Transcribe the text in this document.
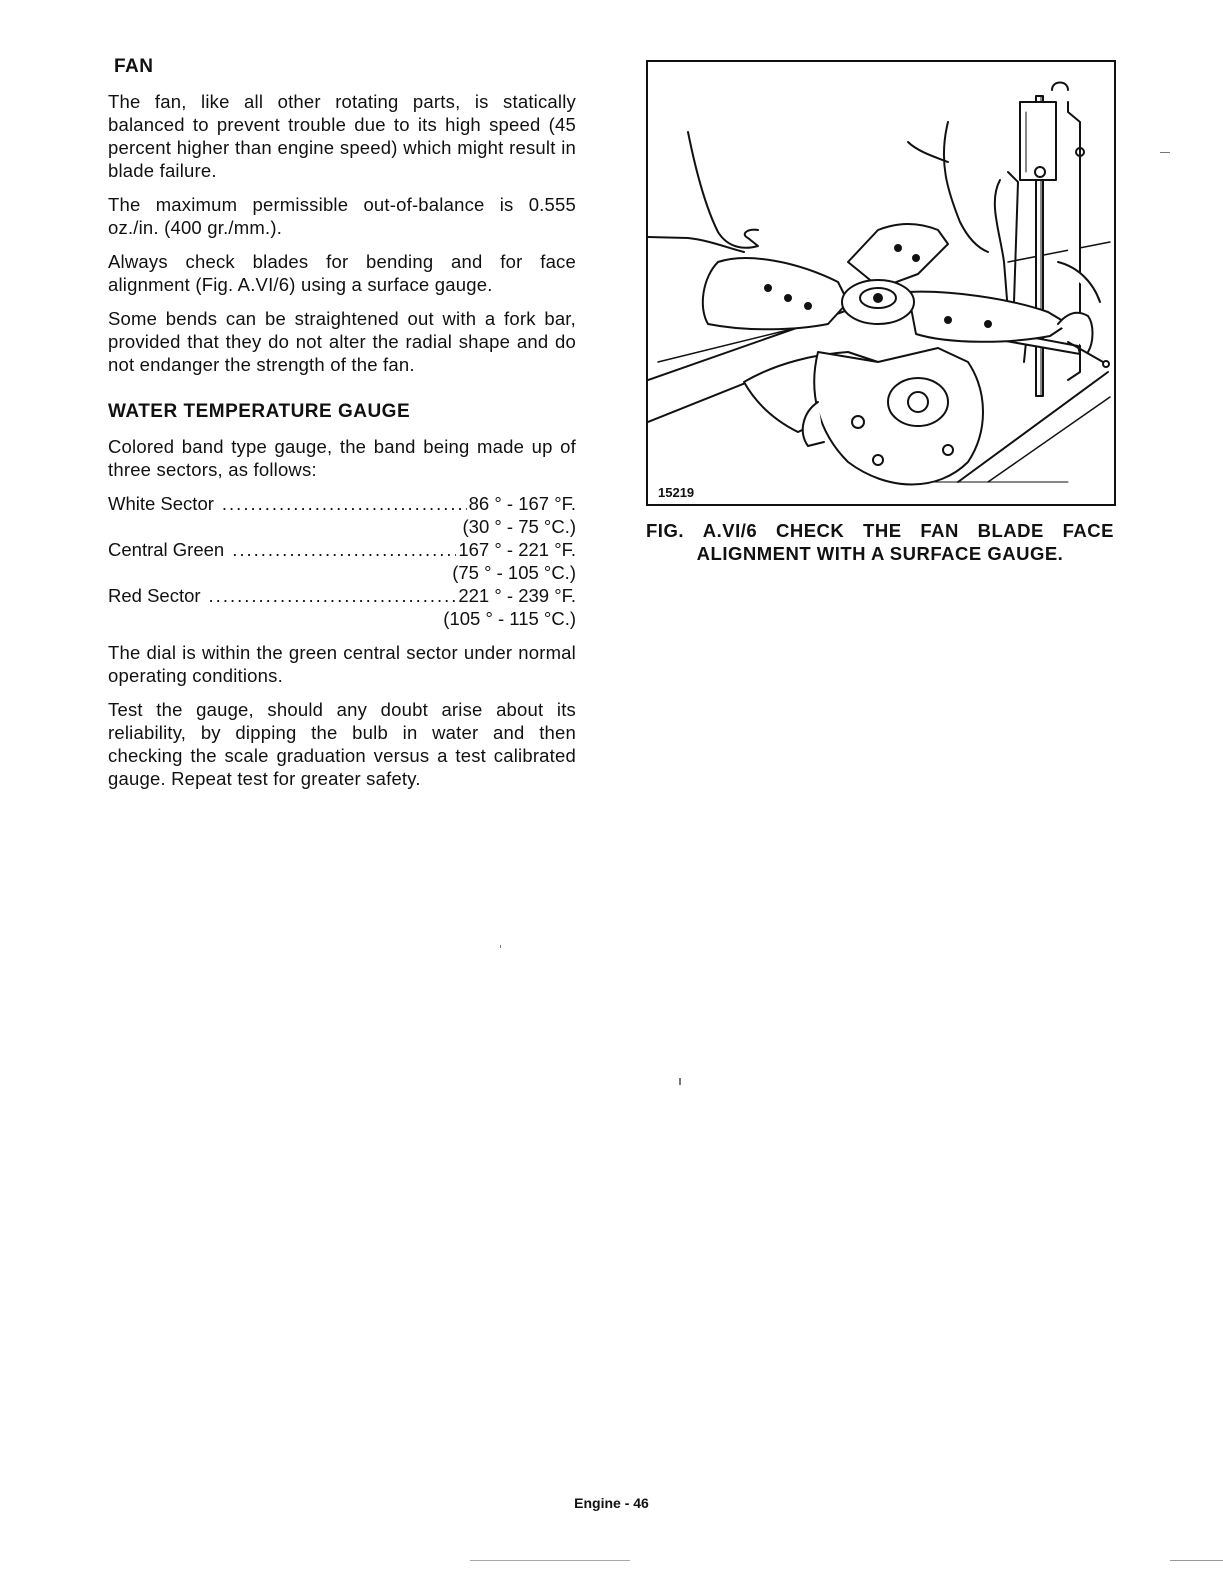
FAN

The fan, like all other rotating parts, is statically balanced to prevent trouble due to its high speed (45 percent higher than engine speed) which might result in blade failure.

The maximum permissible out-of-balance is 0.555 oz./in. (400 gr./mm.).

Always check blades for bending and for face alignment (Fig. A.VI/6) using a surface gauge.

Some bends can be straightened out with a fork bar, provided that they do not alter the radial shape and do not endanger the strength of the fan.

WATER TEMPERATURE GAUGE

Colored band type gauge, the band being made up of three sectors, as follows:

White Sector .....	86 ° - 167 °F.
(30 ° - 75 °C.)
Central Green .....	167 ° - 221 °F.
(75 ° - 105 °C.)
Red Sector .....	221 ° - 239 °F.
(105 ° - 115 °C.)

The dial is within the green central sector under normal operating conditions.

Test the gauge, should any doubt arise about its reliability, by dipping the bulb in water and then checking the scale graduation versus a test calibrated gauge. Repeat test for greater safety.

15219
FIG. A.VI/6 CHECK THE FAN BLADE FACE
ALIGNMENT WITH A SURFACE GAUGE.
Engine - 46
